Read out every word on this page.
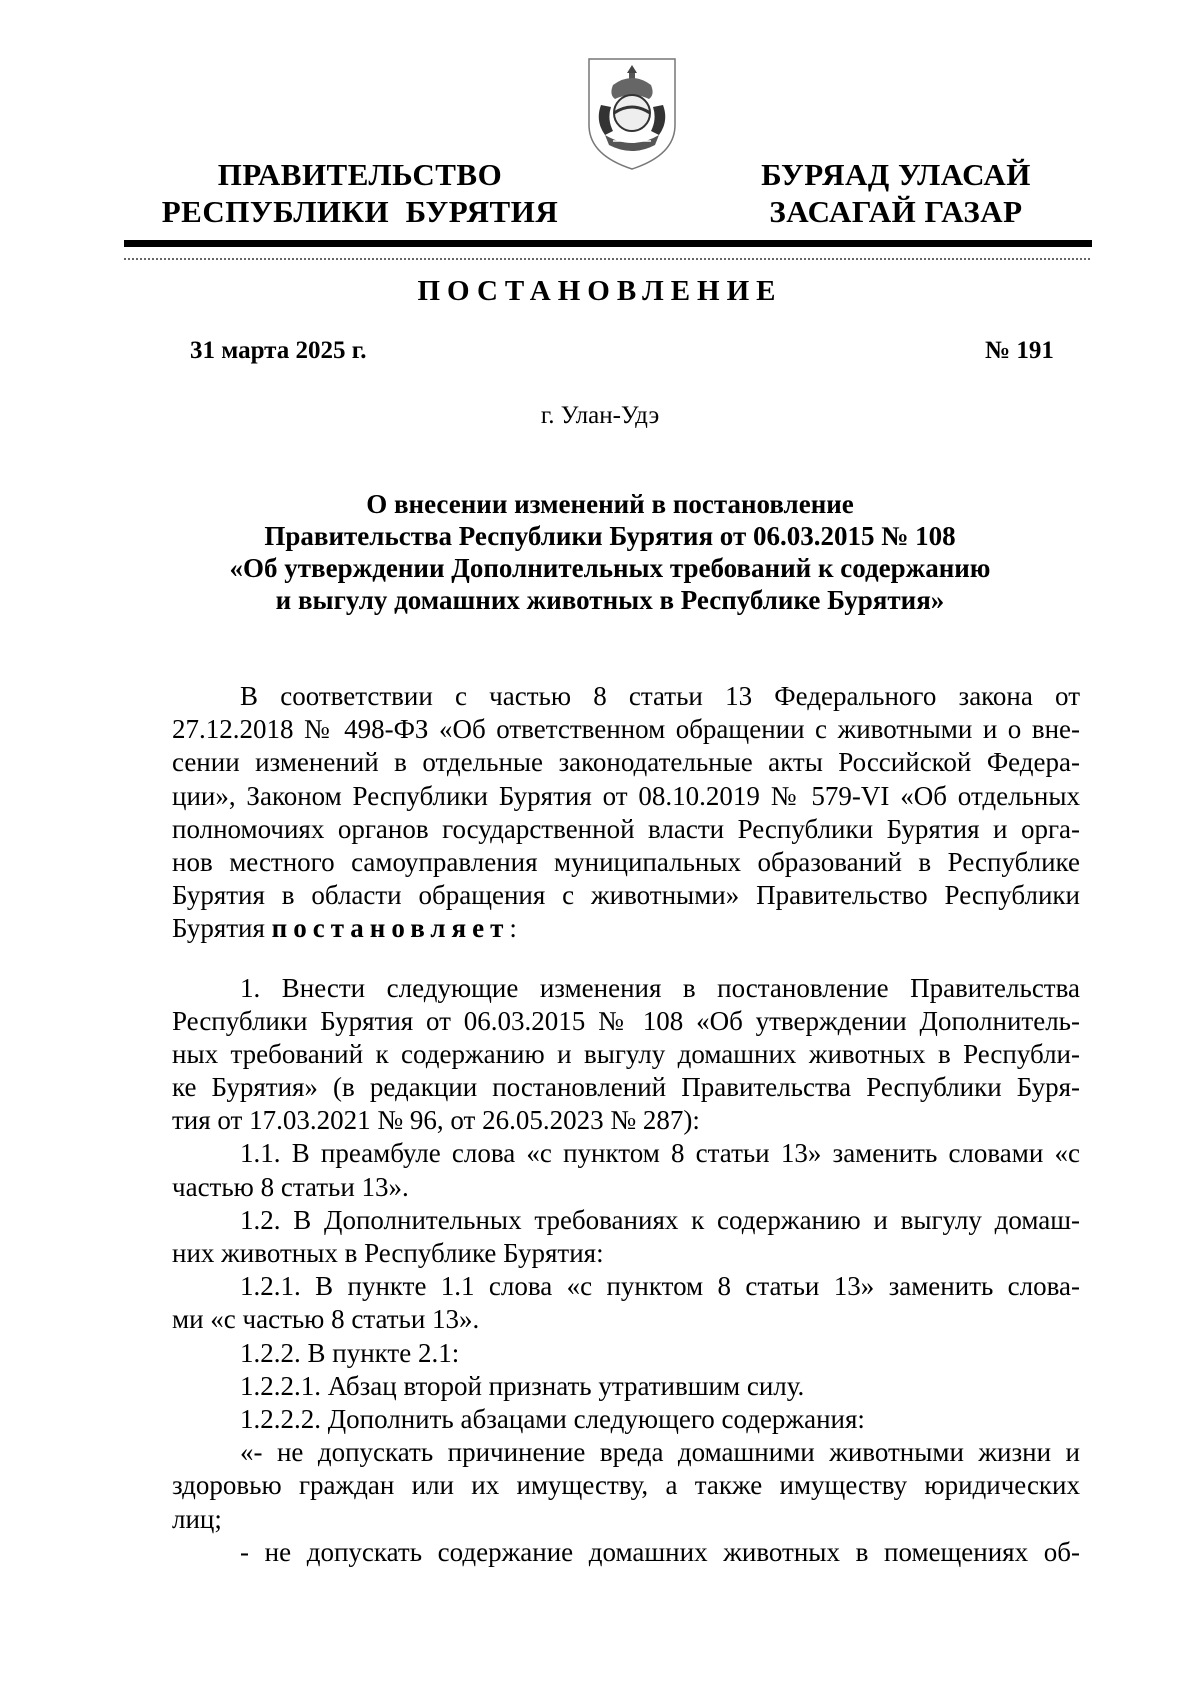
ПРАВИТЕЛЬСТВО
РЕСПУБЛИКИ  БУРЯТИЯ
БУРЯАД УЛАСАЙ
ЗАСАГАЙ ГАЗАР
ПОСТАНОВЛЕНИЕ
31 марта 2025 г.	№ 191
г. Улан-Удэ
О внесении изменений в постановление
Правительства Республики Бурятия от 06.03.2015 № 108
«Об утверждении Дополнительных требований к содержанию
и выгулу домашних животных в Республике Бурятия»
В соответствии с частью 8 статьи 13 Федерального закона от
27.12.2018 № 498-ФЗ «Об ответственном обращении с животными и о вне-
сении изменений в отдельные законодательные акты Российской Федера-
ции», Законом Республики Бурятия от 08.10.2019 № 579-VI «Об отдельных
полномочиях органов государственной власти Республики Бурятия и орга-
нов местного самоуправления муниципальных образований в Республике
Бурятия в области обращения с животными» Правительство Республики
Бурятия постановляет:
1. Внести следующие изменения в постановление Правительства
Республики Бурятия от 06.03.2015 № 108 «Об утверждении Дополнитель-
ных требований к содержанию и выгулу домашних животных в Республи-
ке Бурятия» (в редакции постановлений Правительства Республики Буря-
тия от 17.03.2021 № 96, от 26.05.2023 № 287):
1.1. В преамбуле слова «с пунктом 8 статьи 13» заменить словами «с
частью 8 статьи 13».
1.2. В Дополнительных требованиях к содержанию и выгулу домаш-
них животных в Республике Бурятия:
1.2.1. В пункте 1.1 слова «с пунктом 8 статьи 13» заменить слова-
ми «с частью 8 статьи 13».
1.2.2. В пункте 2.1:
1.2.2.1. Абзац второй признать утратившим силу.
1.2.2.2. Дополнить абзацами следующего содержания:
«- не допускать причинение вреда домашними животными жизни и
здоровью граждан или их имуществу, а также имуществу юридических
лиц;
- не допускать содержание домашних животных в помещениях об-
